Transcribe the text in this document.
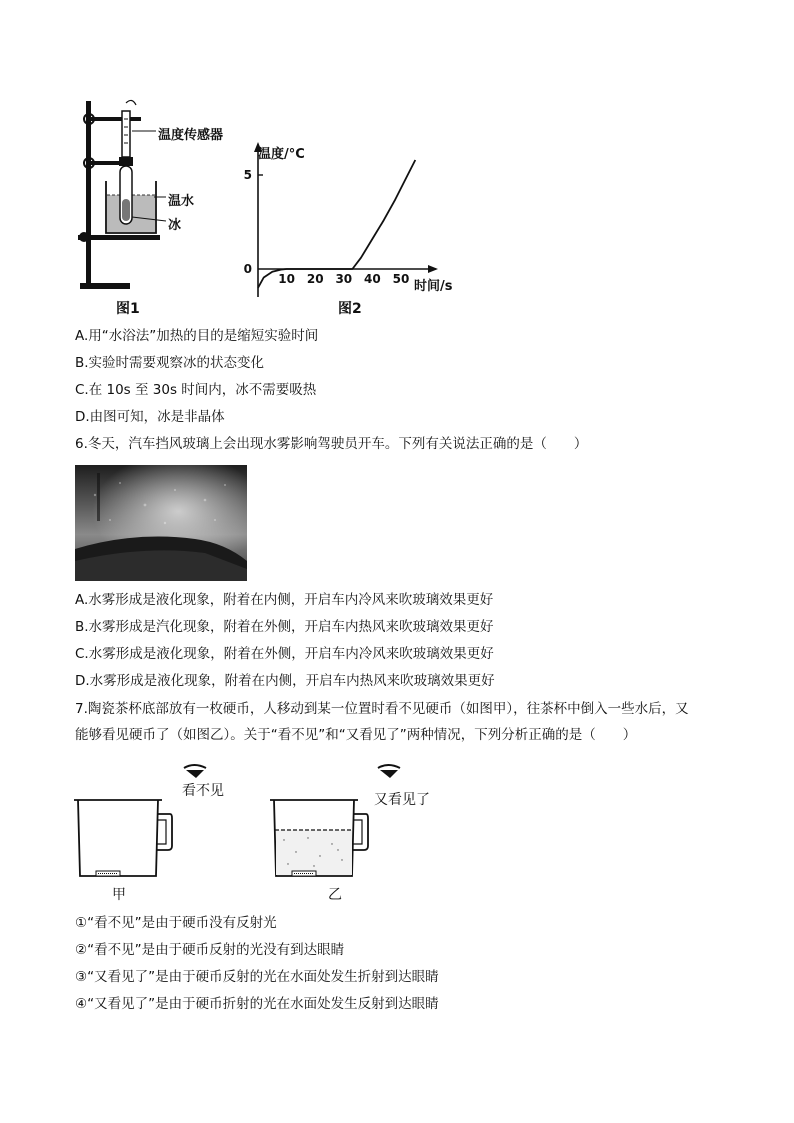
温度传感器
温水
冰
图1
5
0
10 20 30 40 50
温度/°C
时间/s
图2
A.用“水浴法”加热的目的是缩短实验时间
B.实验时需要观察冰的状态变化
C.在 10s 至 30s 时间内，冰不需要吸热
D.由图可知，冰是非晶体
6.冬天，汽车挡风玻璃上会出现水雾影响驾驶员开车。下列有关说法正确的是（　　）
A.水雾形成是液化现象，附着在内侧，开启车内冷风来吹玻璃效果更好
B.水雾形成是汽化现象，附着在外侧，开启车内热风来吹玻璃效果更好
C.水雾形成是液化现象，附着在外侧，开启车内冷风来吹玻璃效果更好
D.水雾形成是液化现象，附着在内侧，开启车内热风来吹玻璃效果更好
7.陶瓷茶杯底部放有一枚硬币，人移动到某一位置时看不见硬币（如图甲），往茶杯中倒入一些水后，又
能够看见硬币了（如图乙）。关于“看不见”和“又看见了”两种情况，下列分析正确的是（　　）
看不见
甲
又看见了
乙
①“看不见”是由于硬币没有反射光
②“看不见”是由于硬币反射的光没有到达眼睛
③“又看见了”是由于硬币反射的光在水面处发生折射到达眼睛
④“又看见了”是由于硬币折射的光在水面处发生反射到达眼睛
